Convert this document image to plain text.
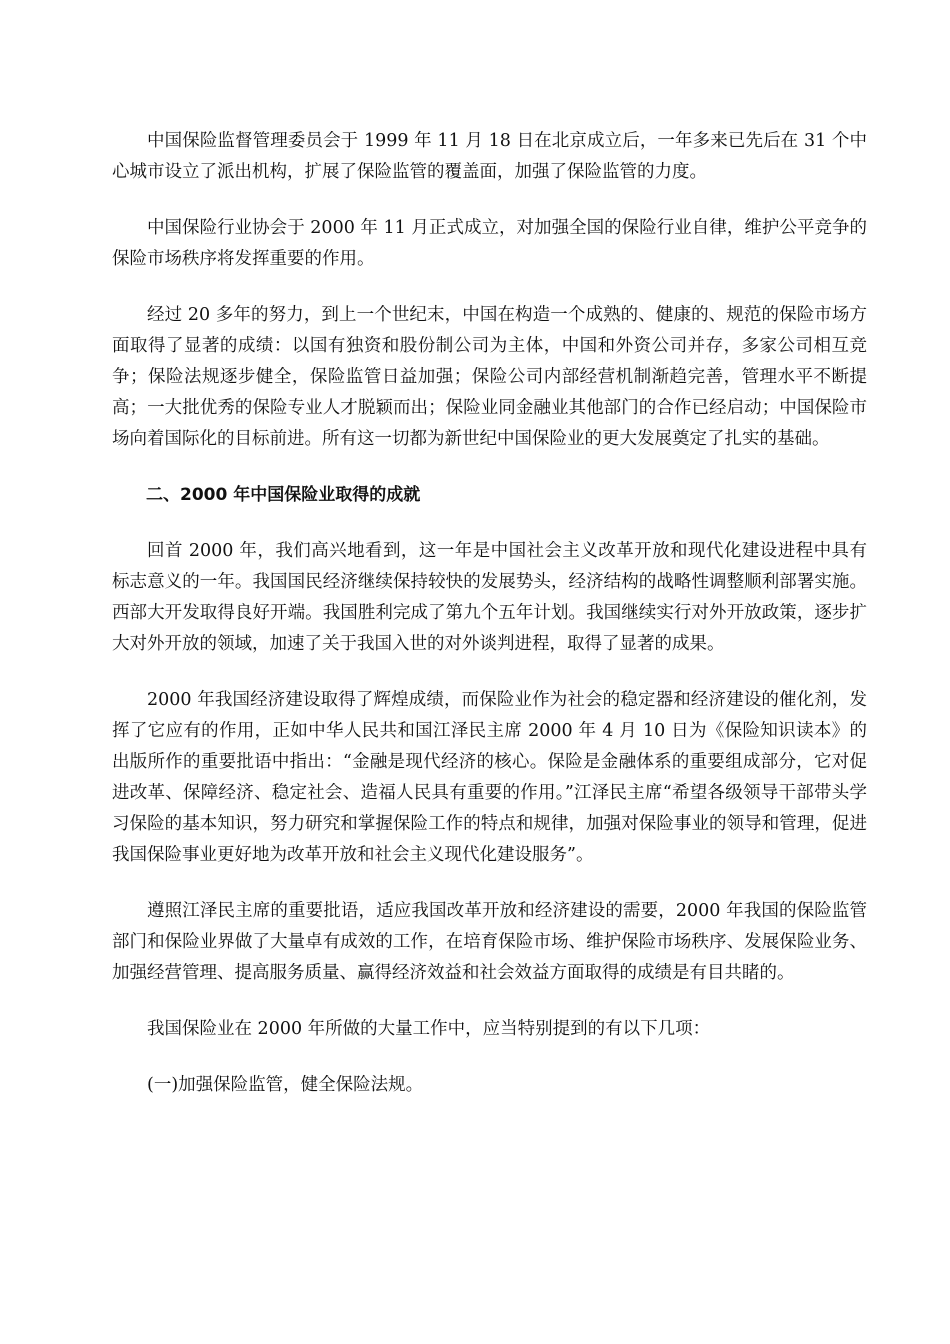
中国保险监督管理委员会于 1999 年 11 月 18 日在北京成立后，一年多来已先后在 31 个中心城市设立了派出机构，扩展了保险监管的覆盖面，加强了保险监管的力度。

中国保险行业协会于 2000 年 11 月正式成立，对加强全国的保险行业自律，维护公平竞争的保险市场秩序将发挥重要的作用。

经过 20 多年的努力，到上一个世纪末，中国在构造一个成熟的、健康的、规范的保险市场方面取得了显著的成绩：以国有独资和股份制公司为主体，中国和外资公司并存，多家公司相互竞争；保险法规逐步健全，保险监管日益加强；保险公司内部经营机制渐趋完善，管理水平不断提高；一大批优秀的保险专业人才脱颖而出；保险业同金融业其他部门的合作已经启动；中国保险市场向着国际化的目标前进。所有这一切都为新世纪中国保险业的更大发展奠定了扎实的基础。

二、2000 年中国保险业取得的成就

回首 2000 年，我们高兴地看到，这一年是中国社会主义改革开放和现代化建设进程中具有标志意义的一年。我国国民经济继续保持较快的发展势头，经济结构的战略性调整顺利部署实施。西部大开发取得良好开端。我国胜利完成了第九个五年计划。我国继续实行对外开放政策，逐步扩大对外开放的领域，加速了关于我国入世的对外谈判进程，取得了显著的成果。

2000 年我国经济建设取得了辉煌成绩，而保险业作为社会的稳定器和经济建设的催化剂，发挥了它应有的作用，正如中华人民共和国江泽民主席 2000 年 4 月 10 日为《保险知识读本》的出版所作的重要批语中指出：“金融是现代经济的核心。保险是金融体系的重要组成部分，它对促进改革、保障经济、稳定社会、造福人民具有重要的作用。”江泽民主席“希望各级领导干部带头学习保险的基本知识，努力研究和掌握保险工作的特点和规律，加强对保险事业的领导和管理，促进我国保险事业更好地为改革开放和社会主义现代化建设服务”。

遵照江泽民主席的重要批语，适应我国改革开放和经济建设的需要，2000 年我国的保险监管部门和保险业界做了大量卓有成效的工作，在培育保险市场、维护保险市场秩序、发展保险业务、加强经营管理、提高服务质量、赢得经济效益和社会效益方面取得的成绩是有目共睹的。

我国保险业在 2000 年所做的大量工作中，应当特别提到的有以下几项：

(一)加强保险监管，健全保险法规。
